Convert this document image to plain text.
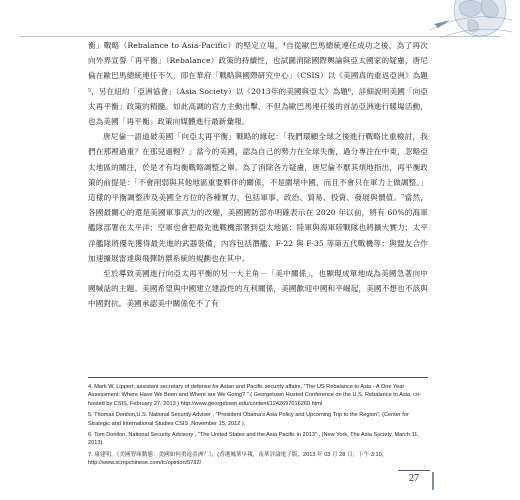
衡」戰略（Rebalance to Asia-Pacific）的堅定立場，⁴自從歐巴馬總統連任成功之後，為了再次向外界宣誓「再平衡」（Rebalance）政策的持續性，也試圖消除國際輿論與亞太國家的疑慮，唐尼倫在歐巴馬總統連任不久，即在華府「戰略與國際研究中心」（CSIS）以《美國真的重返亞洲》為題⁵，另在紐約「亞洲協會」（Asia Society）以《2013年的美國與亞太》為題⁶，詳細說明美國「向亞太再平衡」政策的精髓。如此高調的官方主動出擊，不但為歐巴馬連任後的首訪亞洲進行暖場活動，也為美國「再平衡」政策向媒體進行最新彙報。

唐尼倫一語道破美國「向亞太再平衡」戰略的緣起：「我們環顧全球之後進行戰略比重檢討，我們在那裡過重？在那兒過輕？」當今的美國，認為自己的勢力在全球失衡，過分專注在中東，忽略亞太地區的關注，於是才有均衡戰略調整之舉。為了消除各方疑慮，唐尼倫不厭其煩地指出，再平衡政策的前提是：「不會削弱與其他地區重要夥伴的關係，不是圍堵中國，而且不會只在軍力上做調整。」這樣的平衡調整涉及美國全方位的各種實力，包括軍事、政治、貿易、投資、發展與價值。⁷當然，各國最關心的還是美國軍事武力的改變，美國國防部亦明確表示在 2020 年以前，將有 60%的海軍艦隊部署在太平洋；空軍也會把最先進戰機部署到亞太地區；陸軍與海軍陸戰隊也將擴大實力；太平洋艦隊將優先獲得最先進的武器裝備，內容包括潛艦、F-22 與 F-35 等第五代戰機等；與盟友合作加速擴展雷達與飛彈防禦系統的規劃也在其中。

至於導致美國進行向亞太再平衡的另一大主角－「美中關係」，也顯現成單地成為美國急著向中國喊話的主題。美國希望與中國建立建設性的互利關係，美國歡迎中國和平崛起，美國不想也不該與中國對抗。美國承認美中關係免不了有

4. Mark W. Lippert, assistant secretary of defense for Asian and Pacific security affairs, "The US Rebalance to Asia - A One Year Assessment: Where Have We Been and Where are We Going? ",( Georgetown Hosted Conference on the U.S. Rebalance to Asia, co-hosted by CSIS, February 27, 2013 ) http://www.georgetown.edu/content/1242697016260.html

5. Thomas Donilon,U.S. National Security Adviser , "President Obama's Asia Policy and Upcoming Trip to the Region", (Center for Strategic and International Studies CSIS ,November 15, 2012 ).

6. Tom Donilon, National Security Advisory , "The United States and the Asia Pacific in 2013" , (New York, The Asia Society, March 11, 2013).

7. 康建明，《美國智庫動態：美國如何重返亞洲？》，(香港鳳華早報，南華評論電子版，2013 年 03 月 28 日，下午 3:10，http://www.scmpchinese.com/tc/opinion/5792/

27
